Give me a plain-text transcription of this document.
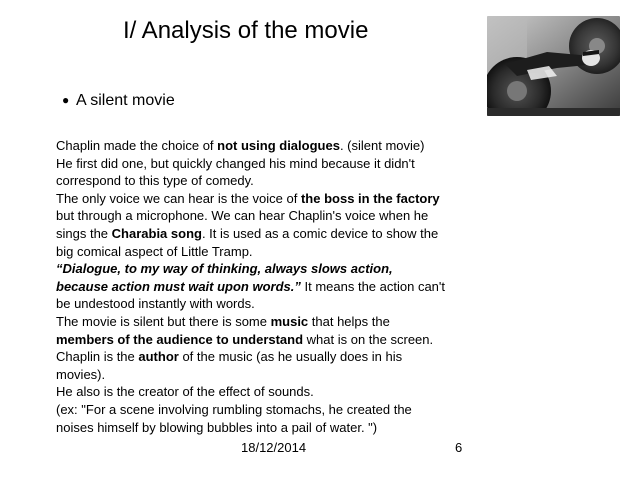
I/ Analysis of the movie
● A silent movie

Chaplin made the choice of not using dialogues. (silent movie)

He first did one, but quickly changed his mind because it didn't

correspond to this type of comedy.

The only voice we can hear is the voice of the boss in the factory

but through a microphone. We can hear Chaplin's voice when he

sings the Charabia song. It is used as a comic device to show the

big comical aspect of Little Tramp.

“Dialogue, to my way of thinking, always slows action,

because action must wait upon words.” It means the action can't

be undestood instantly with words.

The movie is silent but there is some music that helps the

members of the audience to understand what is on the screen.

Chaplin is the author of the music (as he usually does in his

movies).

He also is the creator of the effect of sounds.

(ex: "For a scene involving rumbling stomachs, he created the

noises himself by blowing bubbles into a pail of water. ")

18/12/2014	6
